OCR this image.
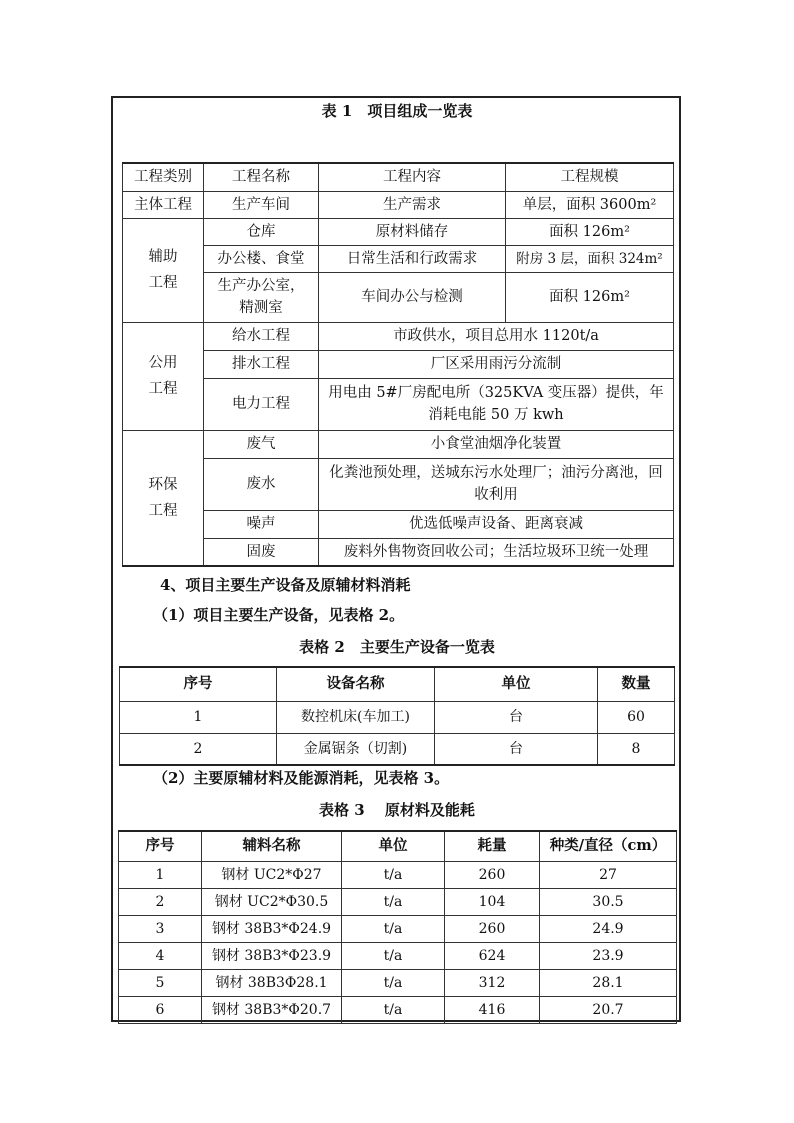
表 1　项目组成一览表
工程类别	工程名称	工程内容	工程规模
主体工程	生产车间	生产需求	单层，面积 3600m²
辅助工程	仓库	原材料储存	面积 126m²
	办公楼、食堂	日常生活和行政需求	附房 3 层，面积 324m²
	生产办公室，精测室	车间办公与检测	面积 126m²
公用工程	给水工程	市政供水，项目总用水 1120t/a	
	排水工程	厂区采用雨污分流制	
	电力工程	用电由 5#厂房配电所（325KVA 变压器）提供，年消耗电能 50 万 kwh	
环保工程	废气	小食堂油烟净化装置	
	废水	化粪池预处理，送城东污水处理厂；油污分离池，回收利用	
	噪声	优选低噪声设备、距离衰减	
	固废	废料外售物资回收公司；生活垃圾环卫统一处理	
4、项目主要生产设备及原辅材料消耗
（1）项目主要生产设备，见表格 2。
表格 2　主要生产设备一览表
序号	设备名称	单位	数量
1	数控机床(车加工)	台	60
2	金属锯条（切割)	台	8
（2）主要原辅材料及能源消耗，见表格 3。
表格 3　 原材料及能耗
序号	辅料名称	单位	耗量	种类/直径（cm）
1	钢材 UC2*Φ27	t/a	260	27
2	钢材 UC2*Φ30.5	t/a	104	30.5
3	钢材 38B3*Φ24.9	t/a	260	24.9
4	钢材 38B3*Φ23.9	t/a	624	23.9
5	钢材 38B3Φ28.1	t/a	312	28.1
6	钢材 38B3*Φ20.7	t/a	416	20.7
